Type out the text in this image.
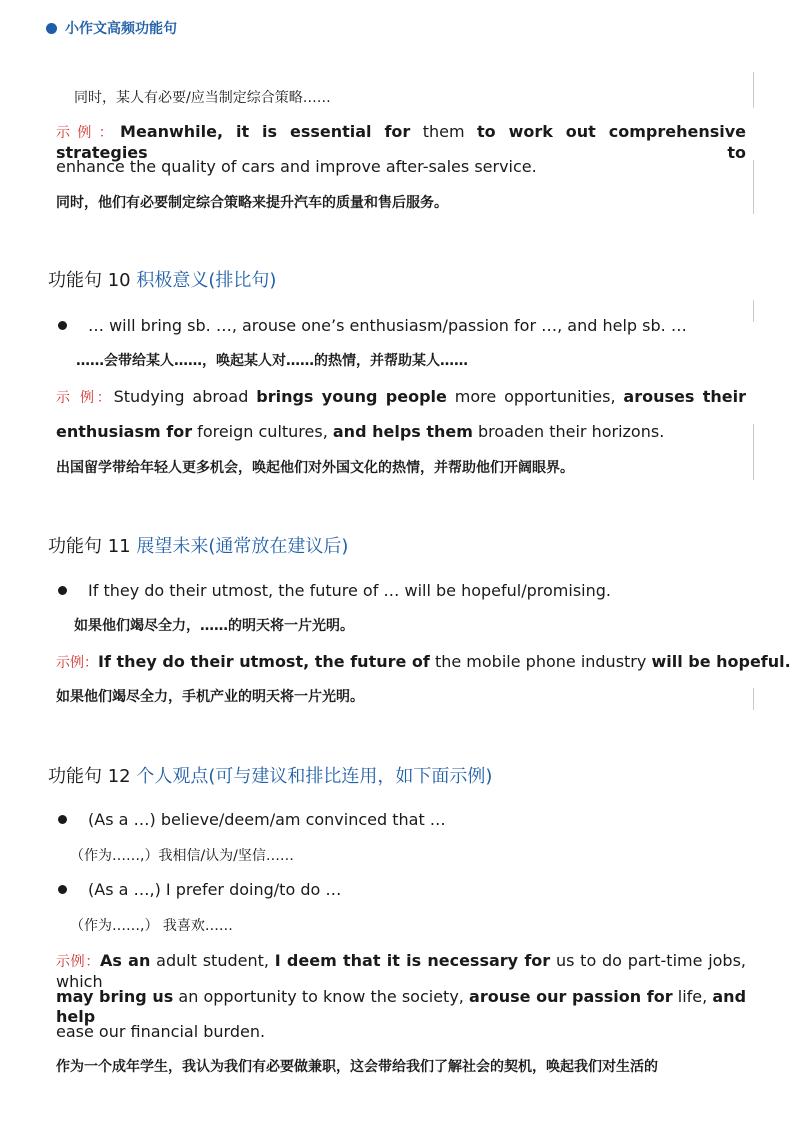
小作文高频功能句
同时，某人有必要/应当制定综合策略……
示例：Meanwhile, it is essential for them to work out comprehensive strategies to
enhance the quality of cars and improve after-sales service.
同时，他们有必要制定综合策略来提升汽车的质量和售后服务。
功能句 10 积极意义(排比句)
… will bring sb. …, arouse one’s enthusiasm/passion for …, and help sb. …
……会带给某人……，唤起某人对……的热情，并帮助某人……
示 例：Studying abroad brings young people more opportunities, arouses their
enthusiasm for foreign cultures, and helps them broaden their horizons.
出国留学带给年轻人更多机会，唤起他们对外国文化的热情，并帮助他们开阔眼界。
功能句 11 展望未来(通常放在建议后)
If they do their utmost, the future of … will be hopeful/promising.
如果他们竭尽全力，……的明天将一片光明。
示例：If they do their utmost, the future of the mobile phone industry will be hopeful.
如果他们竭尽全力，手机产业的明天将一片光明。
功能句 12 个人观点(可与建议和排比连用，如下面示例)
(As a …) believe/deem/am convinced that …
（作为……,）我相信/认为/坚信……
(As a …,) I prefer doing/to do …
（作为……,） 我喜欢……
示例：As an adult student, I deem that it is necessary for us to do part-time jobs, which
may bring us an opportunity to know the society, arouse our passion for life, and help
ease our financial burden.
作为一个成年学生，我认为我们有必要做兼职，这会带给我们了解社会的契机，唤起我们对生活的
